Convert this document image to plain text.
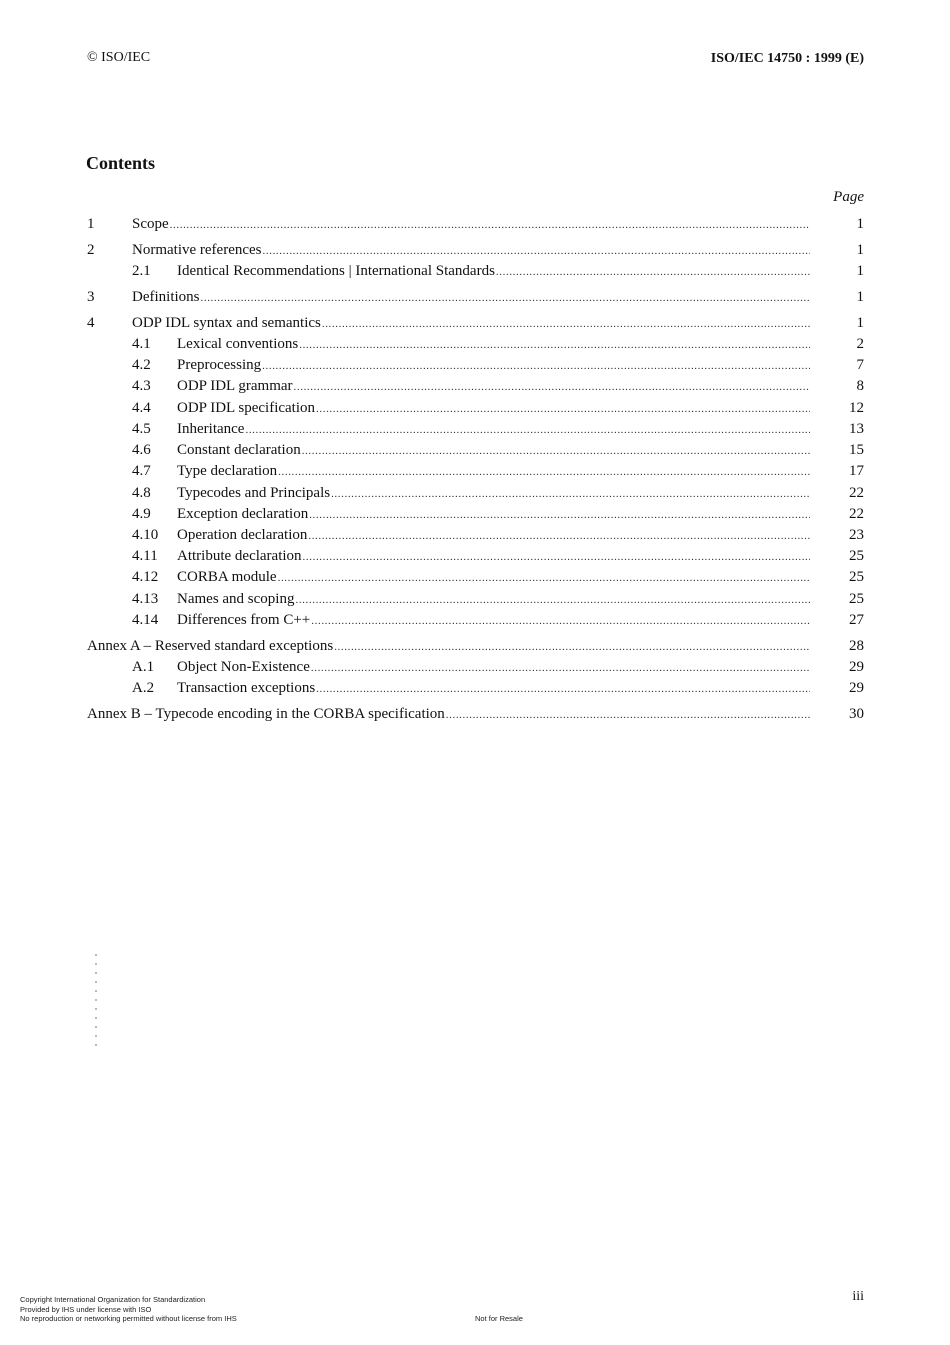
© ISO/IEC	ISO/IEC 14750 : 1999 (E)
Contents
Page
1	Scope .....	1
2	Normative references .....	1
2.1 Identical Recommendations | International Standards .....	1
3	Definitions .....	1
4	ODP IDL syntax and semantics .....	1
4.1 Lexical conventions .....	2
4.2 Preprocessing .....	7
4.3 ODP IDL grammar .....	8
4.4 ODP IDL specification .....	12
4.5 Inheritance .....	13
4.6 Constant declaration .....	15
4.7 Type declaration .....	17
4.8 Typecodes and Principals .....	22
4.9 Exception declaration .....	22
4.10 Operation declaration .....	23
4.11 Attribute declaration .....	25
4.12 CORBA module .....	25
4.13 Names and scoping .....	25
4.14 Differences from C++ .....	27
Annex A – Reserved standard exceptions .....	28
A.1 Object Non-Existence .....	29
A.2 Transaction exceptions .....	29
Annex B – Typecode encoding in the CORBA specification .....	30
Copyright International Organization for Standardization
Provided by IHS under license with ISO
No reproduction or networking permitted without license from IHS	Not for Resale
iii
